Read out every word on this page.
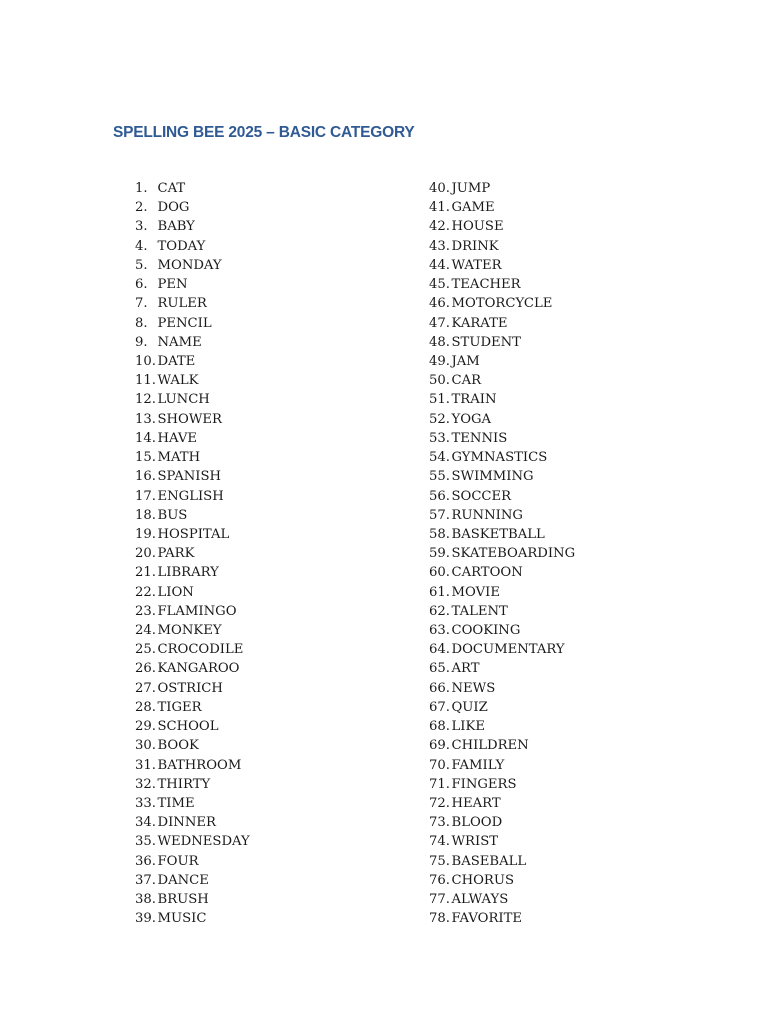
SPELLING BEE 2025 – BASIC CATEGORY
1. CAT
2. DOG
3. BABY
4. TODAY
5. MONDAY
6. PEN
7. RULER
8. PENCIL
9. NAME
10. DATE
11. WALK
12. LUNCH
13. SHOWER
14. HAVE
15. MATH
16. SPANISH
17. ENGLISH
18. BUS
19. HOSPITAL
20. PARK
21. LIBRARY
22. LION
23. FLAMINGO
24. MONKEY
25. CROCODILE
26. KANGAROO
27. OSTRICH
28. TIGER
29. SCHOOL
30. BOOK
31. BATHROOM
32. THIRTY
33. TIME
34. DINNER
35. WEDNESDAY
36. FOUR
37. DANCE
38. BRUSH
39. MUSIC
40. JUMP
41. GAME
42. HOUSE
43. DRINK
44. WATER
45. TEACHER
46. MOTORCYCLE
47. KARATE
48. STUDENT
49. JAM
50. CAR
51. TRAIN
52. YOGA
53. TENNIS
54. GYMNASTICS
55. SWIMMING
56. SOCCER
57. RUNNING
58. BASKETBALL
59. SKATEBOARDING
60. CARTOON
61. MOVIE
62. TALENT
63. COOKING
64. DOCUMENTARY
65. ART
66. NEWS
67. QUIZ
68. LIKE
69. CHILDREN
70. FAMILY
71. FINGERS
72. HEART
73. BLOOD
74. WRIST
75. BASEBALL
76. CHORUS
77. ALWAYS
78. FAVORITE
